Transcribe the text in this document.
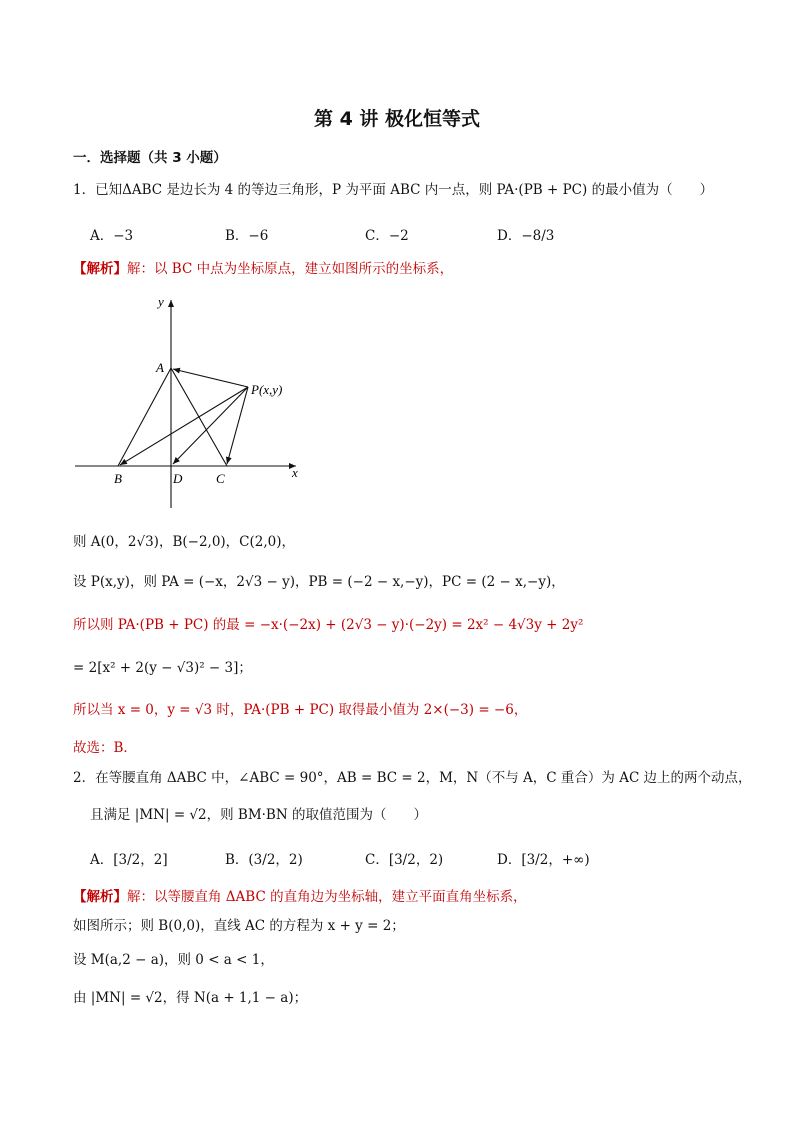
第 4 讲 极化恒等式
一．选择题（共 3 小题）
1．已知ΔABC 是边长为 4 的等边三角形，P 为平面 ABC 内一点，则 PA·(PB + PC) 的最小值为（　　）
A．−3	B．−6	C．−2	D．−8/3
【解析】解：以 BC 中点为坐标原点，建立如图所示的坐标系，
y
x
A
P(x,y)
B	D	C
则 A(0，2√3)，B(−2,0)，C(2,0)，
设 P(x,y)，则 PA = (−x，2√3 − y)，PB = (−2 − x,−y)，PC = (2 − x,−y)，
所以则 PA·(PB + PC) 的最 = −x·(−2x) + (2√3 − y)·(−2y) = 2x² − 4√3y + 2y²
= 2[x² + 2(y − √3)² − 3]；
所以当 x = 0，y = √3 时，PA·(PB + PC) 取得最小值为 2×(−3) = −6，
故选：B．
2．在等腰直角 ΔABC 中，∠ABC = 90°，AB = BC = 2，M，N（不与 A，C 重合）为 AC 边上的两个动点，
且满足 |MN| = √2，则 BM·BN 的取值范围为（　　）
A．[3/2，2]	B．(3/2，2)	C．[3/2，2)	D．[3/2，+∞)
【解析】解：以等腰直角 ΔABC 的直角边为坐标轴，建立平面直角坐标系，
如图所示；则 B(0,0)，直线 AC 的方程为 x + y = 2；
设 M(a,2 − a)，则 0 < a < 1，
由 |MN| = √2，得 N(a + 1,1 − a)；
